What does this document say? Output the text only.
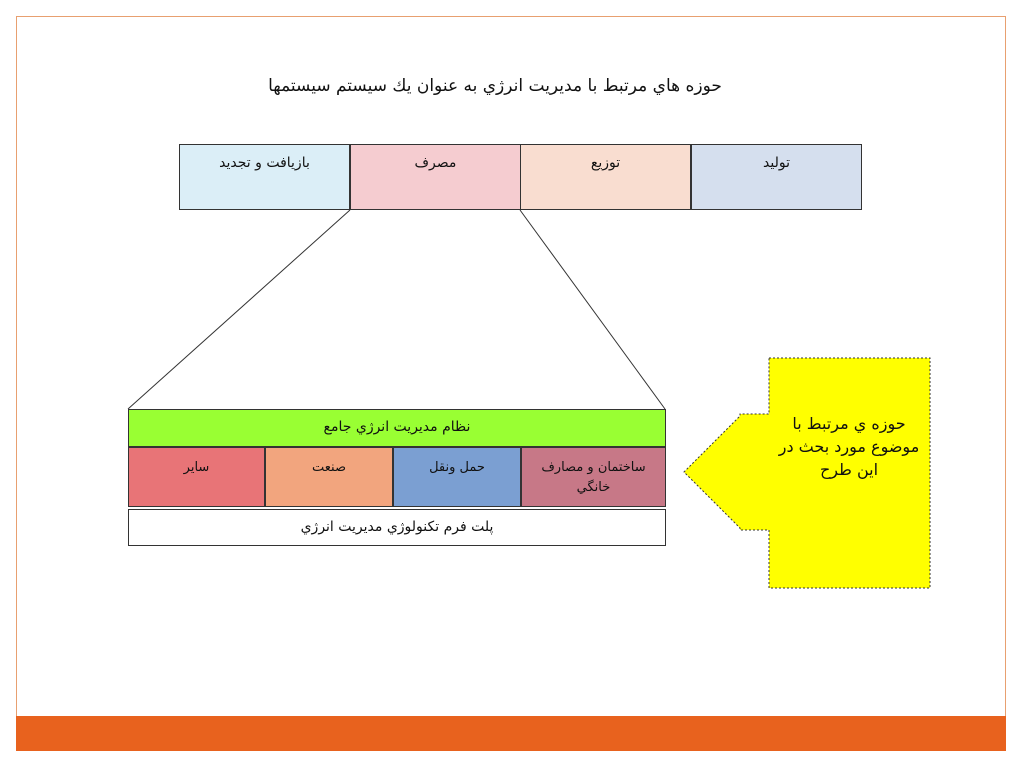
حوزه هاي مرتبط با مديريت انرژي به عنوان يك سيستم سيستمها
بازيافت و تجديد	مصرف	توزيع	توليد
نظام مديريت انرژي جامع
ساير	صنعت	حمل ونقل	ساختمان و مصارف خانگي
پلت فرم تكنولوژي مديريت انرژي
حوزه ي مرتبط با موضوع مورد بحث در اين طرح
